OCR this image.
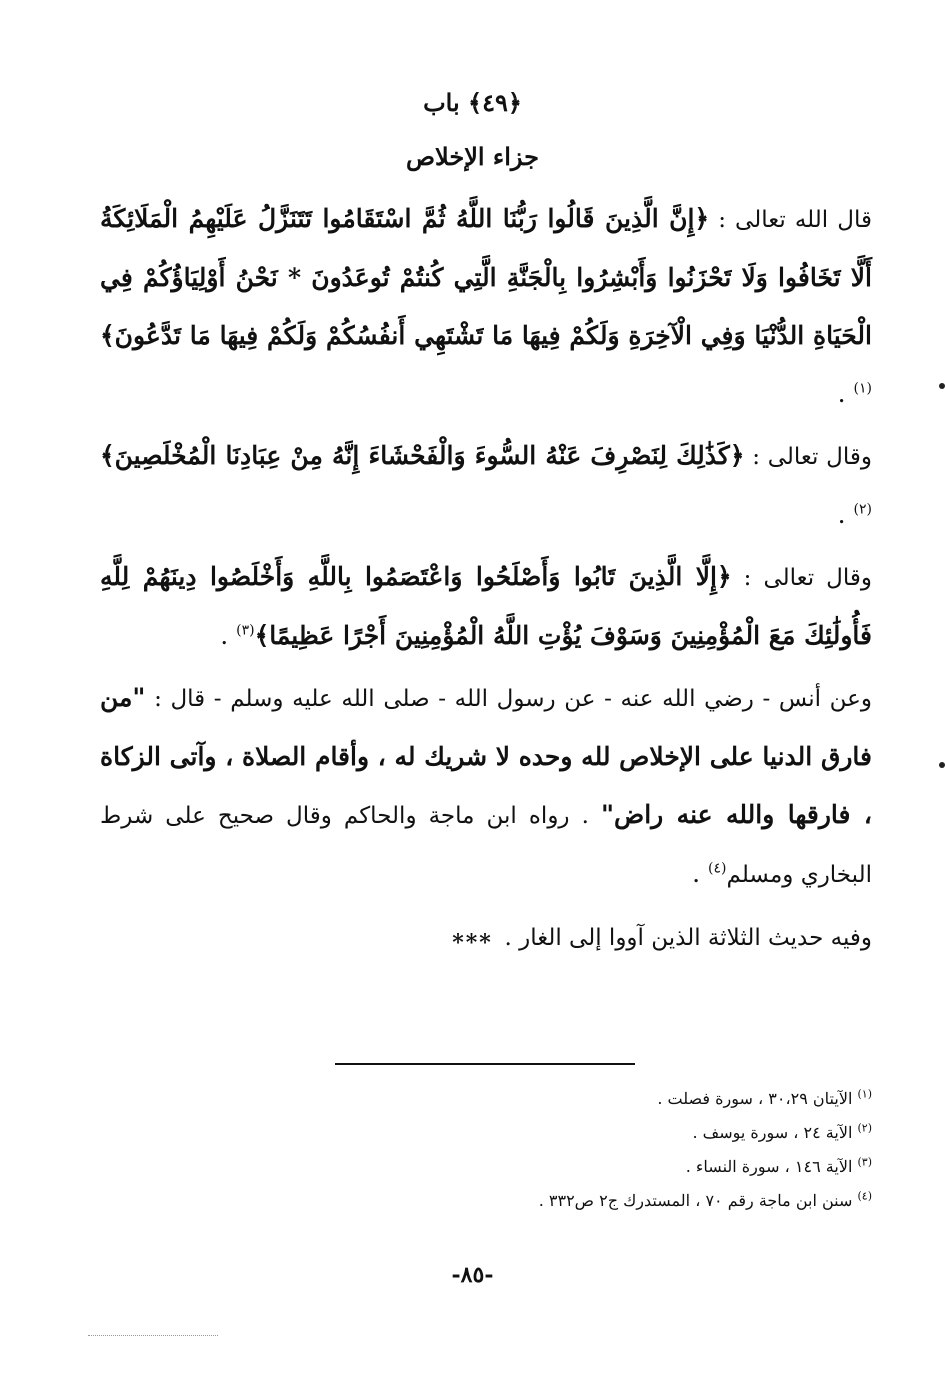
﴿٤٩﴾ باب
جزاء الإخلاص

قال الله تعالى : ﴿إِنَّ الَّذِينَ قَالُوا رَبُّنَا اللَّهُ ثُمَّ اسْتَقَامُوا تَتَنَزَّلُ عَلَيْهِمُ الْمَلَائِكَةُ أَلَّا تَخَافُوا وَلَا تَحْزَنُوا وَأَبْشِرُوا بِالْجَنَّةِ الَّتِي كُنتُمْ تُوعَدُونَ * نَحْنُ أَوْلِيَاؤُكُمْ فِي الْحَيَاةِ الدُّنْيَا وَفِي الْآخِرَةِ وَلَكُمْ فِيهَا مَا تَشْتَهِي أَنفُسُكُمْ وَلَكُمْ فِيهَا مَا تَدَّعُونَ﴾$^{(١)}$ .

وقال تعالى : ﴿كَذَٰلِكَ لِنَصْرِفَ عَنْهُ السُّوءَ وَالْفَحْشَاءَ إِنَّهُ مِنْ عِبَادِنَا الْمُخْلَصِينَ﴾$^{(٢)}$ .

وقال تعالى : ﴿إِلَّا الَّذِينَ تَابُوا وَأَصْلَحُوا وَاعْتَصَمُوا بِاللَّهِ وَأَخْلَصُوا دِينَهُمْ لِلَّهِ فَأُولَٰئِكَ مَعَ الْمُؤْمِنِينَ وَسَوْفَ يُؤْتِ اللَّهُ الْمُؤْمِنِينَ أَجْرًا عَظِيمًا﴾$^{(٣)}$ .

وعن أنس - رضي الله عنه - عن رسول الله - صلى الله عليه وسلم - قال : "من فارق الدنيا على الإخلاص لله وحده لا شريك له ، وأقام الصلاة ، وآتى الزكاة ، فارقها والله عنه راض" . رواه ابن ماجة والحاكم وقال صحيح على شرط البخاري ومسلم$^{(٤)}$ .

وفيه حديث الثلاثة الذين آووا إلى الغار .

***

$^{(١)}$ الآيتان ٣٠،٢٩ ، سورة فصلت .

$^{(٢)}$ الآية ٢٤ ، سورة يوسف .

$^{(٣)}$ الآية ١٤٦ ، سورة النساء .

$^{(٤)}$ سنن ابن ماجة رقم ٧٠ ، المستدرك ج٢ ص٣٣٢ .

-٨٥-
